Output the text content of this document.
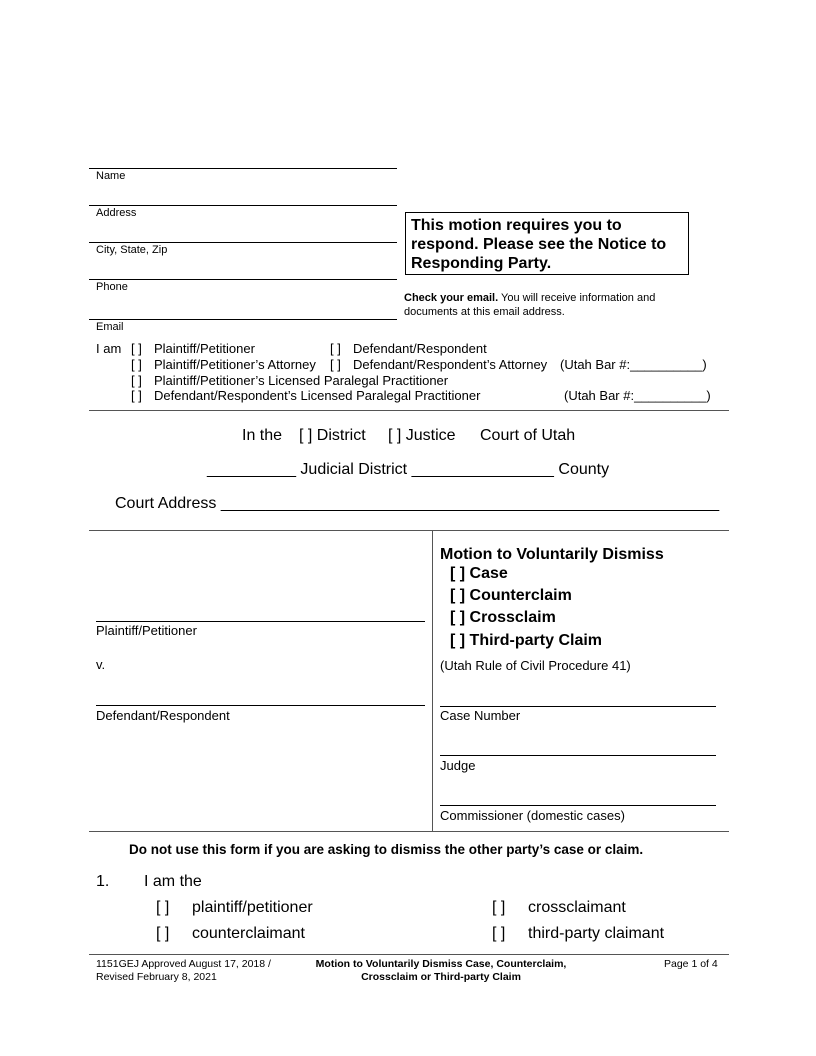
Name
Address
City, State, Zip
Phone
Email
This motion requires you to respond. Please see the Notice to Responding Party.
Check your email. You will receive information and
documents at this email address.
I am [ ] Plaintiff/Petitioner	[ ] Defendant/Respondent
[ ] Plaintiff/Petitioner’s Attorney [ ] Defendant/Respondent’s Attorney (Utah Bar #:__________)
[ ] Plaintiff/Petitioner’s Licensed Paralegal Practitioner
[ ] Defendant/Respondent’s Licensed Paralegal Practitioner	(Utah Bar #:__________)
In the [ ] District [ ] Justice Court of Utah
__________ Judicial District ________________ County
Court Address ________________________________________________________
Plaintiff/Petitioner
v.
Defendant/Respondent
Motion to Voluntarily Dismiss
[ ] Case
[ ] Counterclaim
[ ] Crossclaim
[ ] Third-party Claim
(Utah Rule of Civil Procedure 41)
Case Number
Judge
Commissioner (domestic cases)
Do not use this form if you are asking to dismiss the other party’s case or claim.
1. I am the
[ ] plaintiff/petitioner	[ ] crossclaimant
[ ] counterclaimant	[ ] third-party claimant
1151GEJ Approved August 17, 2018 /
Revised February 8, 2021
Motion to Voluntarily Dismiss Case, Counterclaim,
Crossclaim or Third-party Claim
Page 1 of 4
